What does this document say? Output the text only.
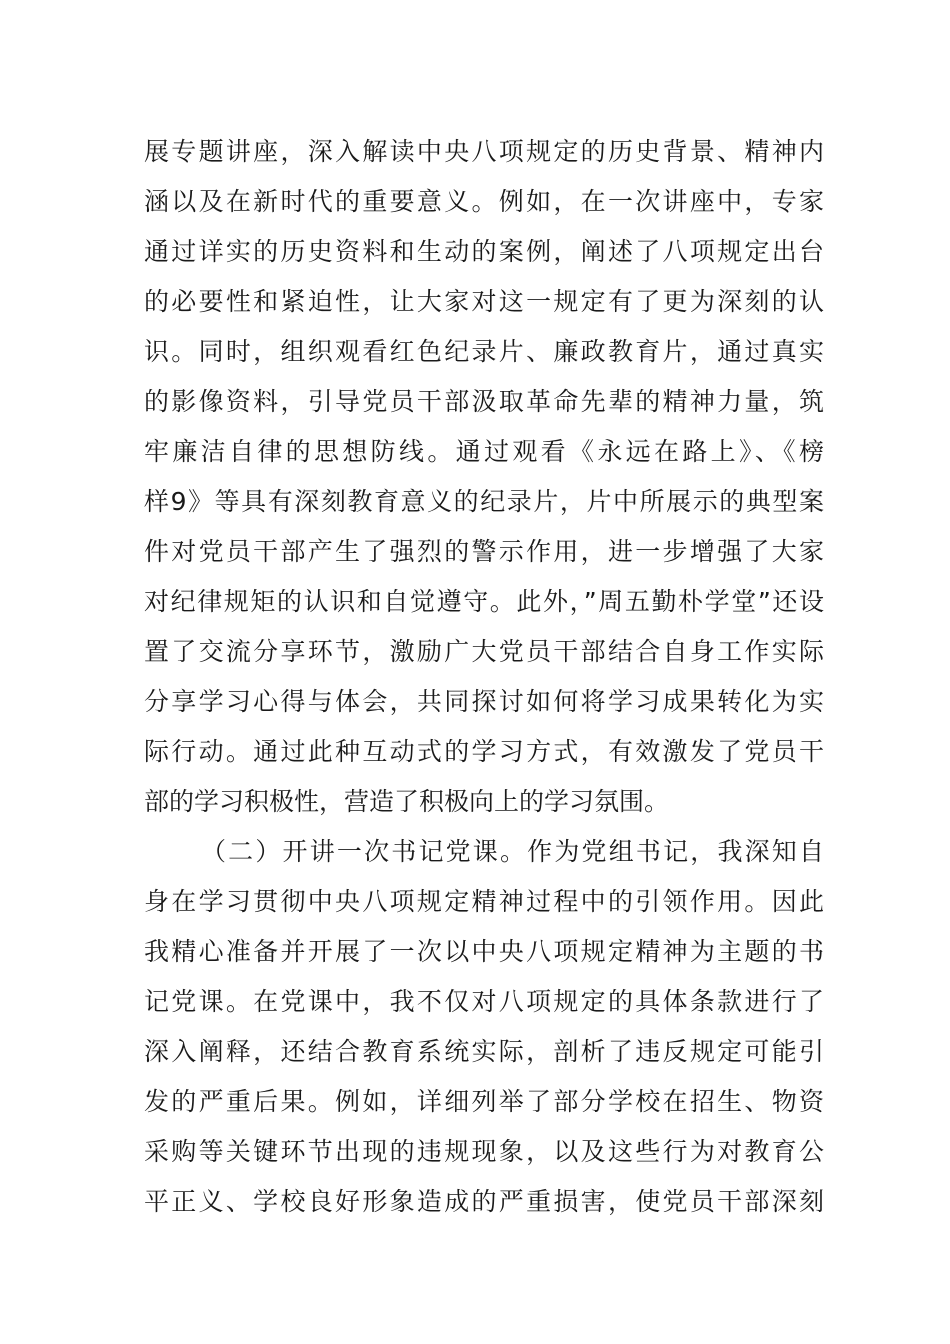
展专题讲座，深入解读中央八项规定的历史背景、精神内
涵以及在新时代的重要意义。例如，在一次讲座中，专家
通过详实的历史资料和生动的案例，阐述了八项规定出台
的必要性和紧迫性，让大家对这一规定有了更为深刻的认
识。同时，组织观看红色纪录片、廉政教育片，通过真实
的影像资料，引导党员干部汲取革命先辈的精神力量，筑
牢廉洁自律的思想防线。通过观看《永远在路上》、《榜
样9》等具有深刻教育意义的纪录片，片中所展示的典型案
件对党员干部产生了强烈的警示作用，进一步增强了大家
对纪律规矩的认识和自觉遵守。此外，”周五勤朴学堂”还设
置了交流分享环节，激励广大党员干部结合自身工作实际
分享学习心得与体会，共同探讨如何将学习成果转化为实
际行动。通过此种互动式的学习方式，有效激发了党员干
部的学习积极性，营造了积极向上的学习氛围。
（二）开讲一次书记党课。作为党组书记，我深知自
身在学习贯彻中央八项规定精神过程中的引领作用。因此
我精心准备并开展了一次以中央八项规定精神为主题的书
记党课。在党课中，我不仅对八项规定的具体条款进行了
深入阐释，还结合教育系统实际，剖析了违反规定可能引
发的严重后果。例如，详细列举了部分学校在招生、物资
采购等关键环节出现的违规现象，以及这些行为对教育公
平正义、学校良好形象造成的严重损害，使党员干部深刻
